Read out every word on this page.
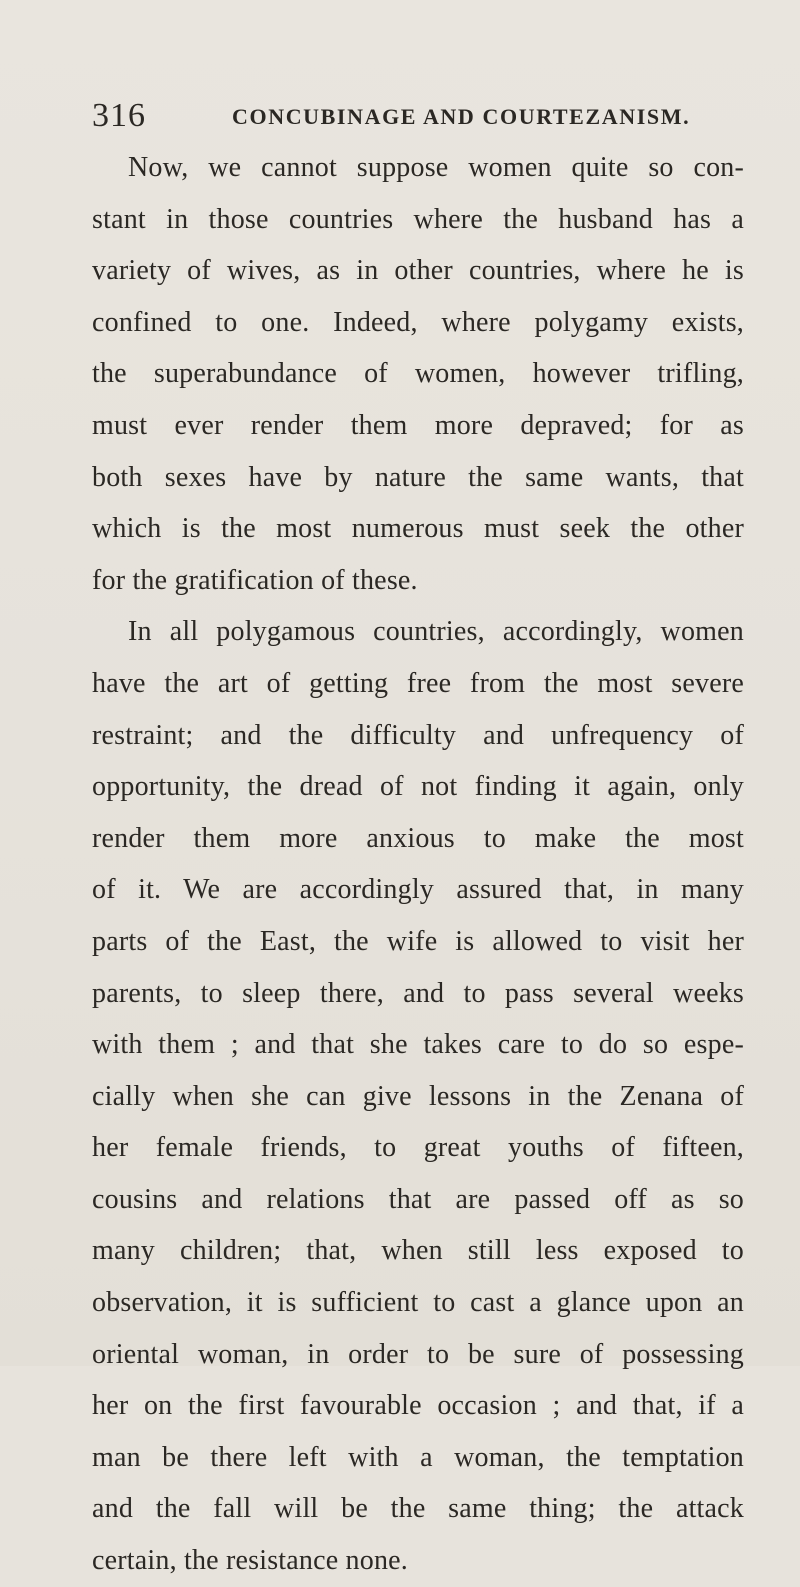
316	CONCUBINAGE AND COURTEZANISM.
Now, we cannot suppose women quite so con-
stant in those countries where the husband has a
variety of wives, as in other countries, where he is
confined to one. Indeed, where polygamy exists,
the superabundance of women, however trifling,
must ever render them more depraved; for as
both sexes have by nature the same wants, that
which is the most numerous must seek the other
for the gratification of these.
In all polygamous countries, accordingly, women
have the art of getting free from the most severe
restraint; and the difficulty and unfrequency of
opportunity, the dread of not finding it again, only
render them more anxious to make the most
of it. We are accordingly assured that, in many
parts of the East, the wife is allowed to visit her
parents, to sleep there, and to pass several weeks
with them ; and that she takes care to do so espe-
cially when she can give lessons in the Zenana of
her female friends, to great youths of fifteen,
cousins and relations that are passed off as so
many children; that, when still less exposed to
observation, it is sufficient to cast a glance upon an
oriental woman, in order to be sure of possessing
her on the first favourable occasion ; and that, if a
man be there left with a woman, the temptation
and the fall will be the same thing; the attack
certain, the resistance none.
